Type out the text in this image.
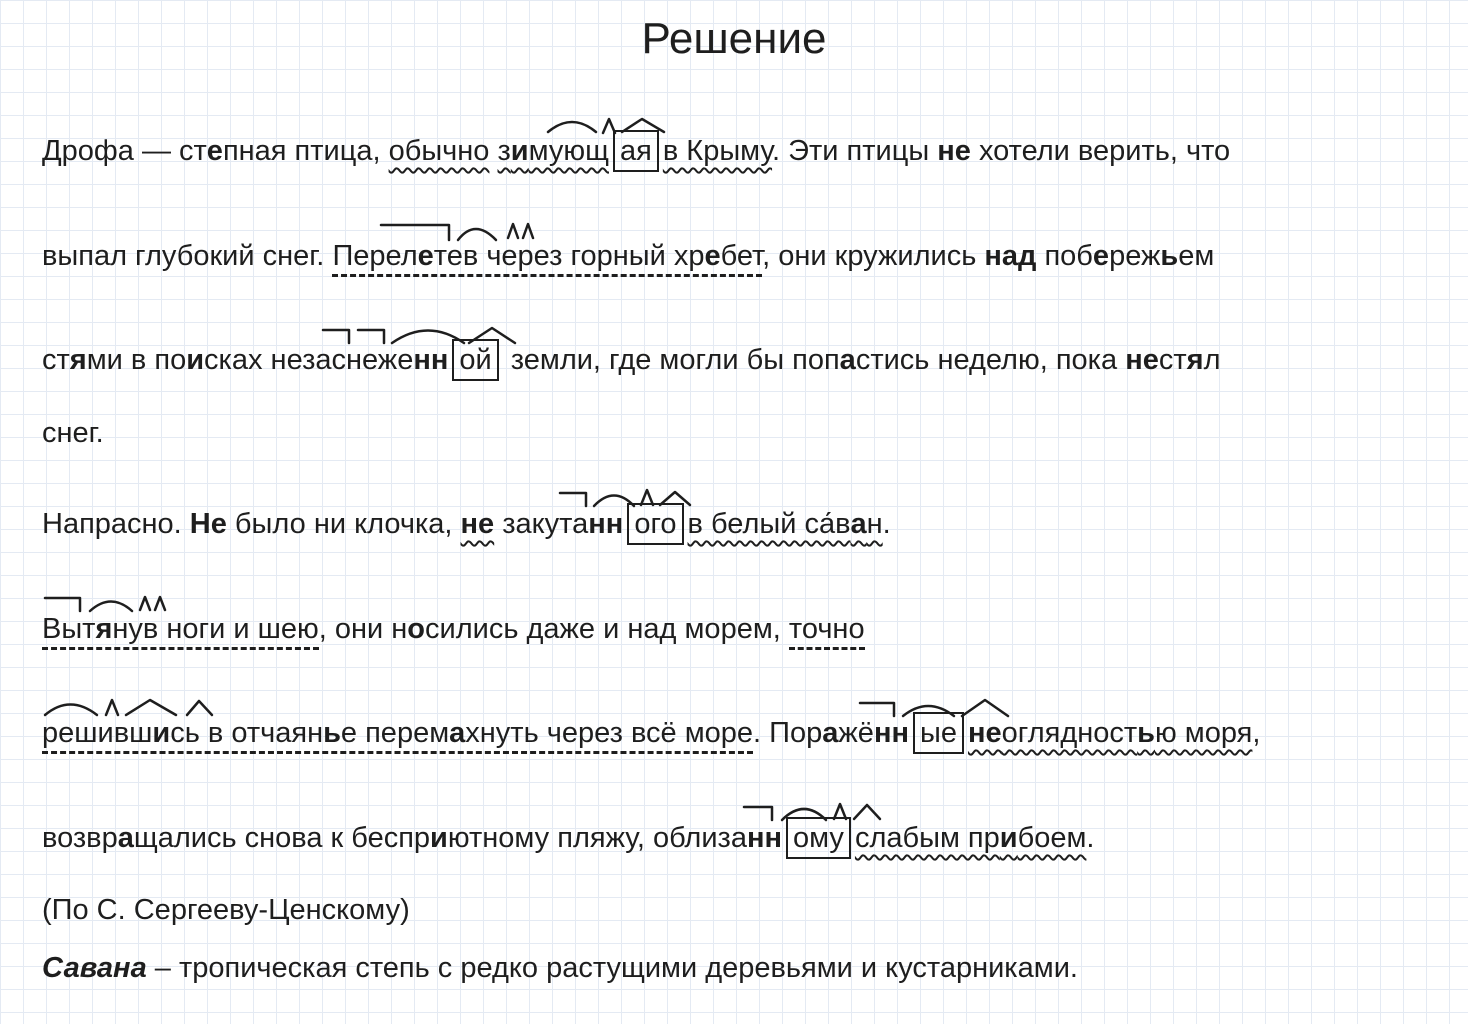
Решение
Дрофа — степная птица, обычно зимующ ая в Крыму. Эти птицы не хотели верить, что
выпал глубокий снег. Перелетев через горный хребет, они кружились над побережьем
стями в поисках незаснеженн ой земли, где могли бы попастись неделю, пока нестял
снег.
Напрасно. Не было ни клочка, не закутанн ого в белый са́ван.
Вытянув ноги и шею, они носились даже и над морем, точно
решившись в отчаянье перемахнуть через всё море. Поражённ ые неоглядностью моря,
возвращались снова к бесприютному пляжу, облизанн ому слабым прибоем.
(По С. Сергееву-Ценскому)
Савана – тропическая степь с редко растущими деревьями и кустарниками.
